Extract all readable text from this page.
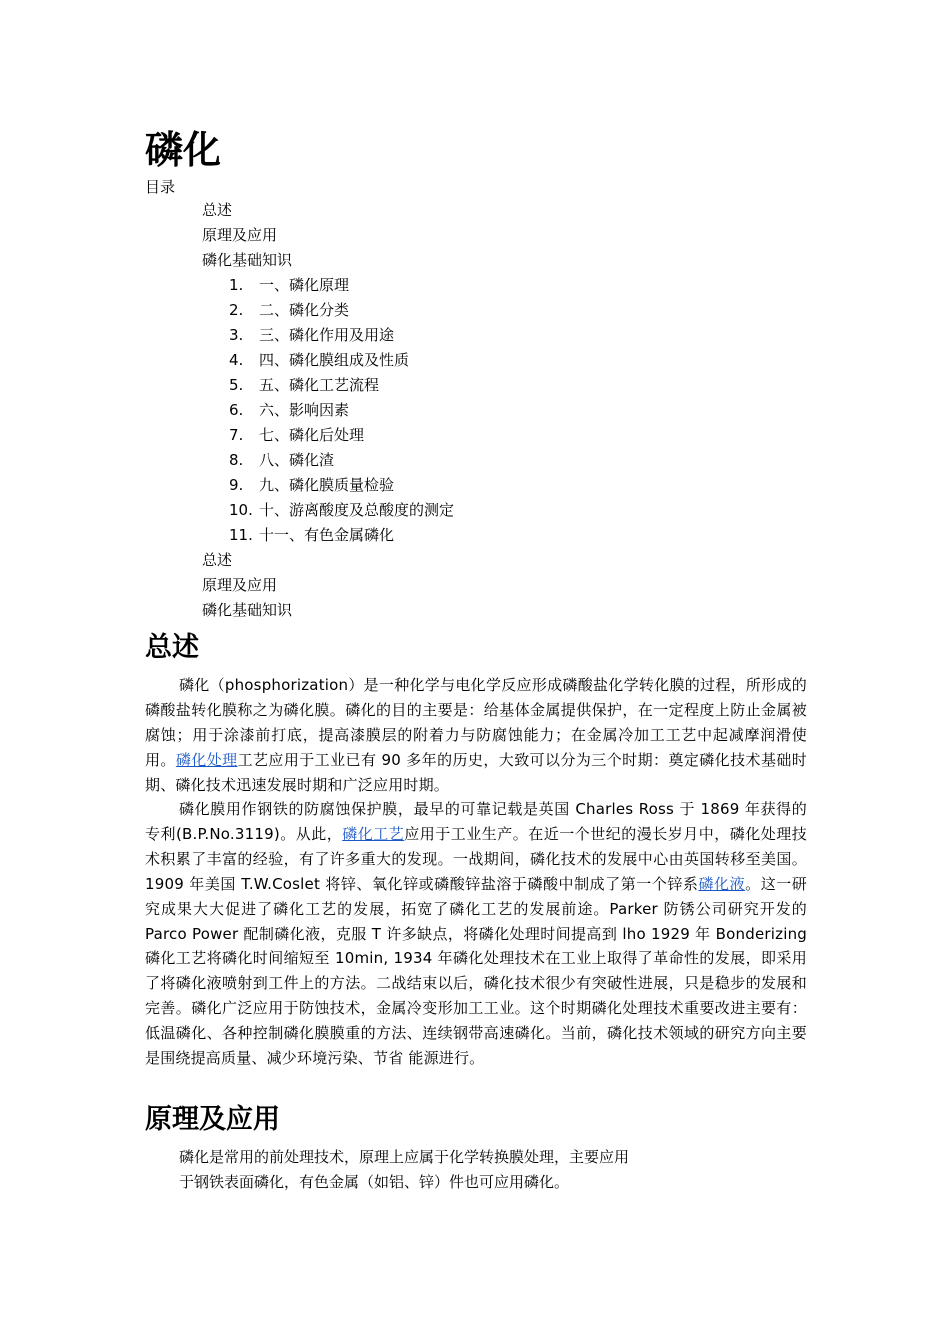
磷化
目录
总述
原理及应用
磷化基础知识
1. 一、磷化原理
2. 二、磷化分类
3. 三、磷化作用及用途
4. 四、磷化膜组成及性质
5. 五、磷化工艺流程
6. 六、影响因素
7. 七、磷化后处理
8. 八、磷化渣
9. 九、磷化膜质量检验
10. 十、游离酸度及总酸度的测定
11. 十一、有色金属磷化
总述
原理及应用
磷化基础知识
总述

磷化（phosphorization）是一种化学与电化学反应形成磷酸盐化学转化膜的过程，所形成的磷酸盐转化膜称之为磷化膜。磷化的目的主要是：给基体金属提供保护，在一定程度上防止金属被腐蚀；用于涂漆前打底，提高漆膜层的附着力与防腐蚀能力；在金属冷加工工艺中起减摩润滑使用。磷化处理工艺应用于工业已有 90 多年的历史，大致可以分为三个时期：奠定磷化技术基础时期、磷化技术迅速发展时期和广泛应用时期。

磷化膜用作钢铁的防腐蚀保护膜，最早的可靠记载是英国 Charles Ross 于 1869 年获得的专利(B.P.No.3119)。从此，磷化工艺应用于工业生产。在近一个世纪的漫长岁月中，磷化处理技术积累了丰富的经验，有了许多重大的发现。一战期间，磷化技术的发展中心由英国转移至美国。1909 年美国 T.W.Coslet 将锌、氧化锌或磷酸锌盐溶于磷酸中制成了第一个锌系磷化液。这一研究成果大大促进了磷化工艺的发展，拓宽了磷化工艺的发展前途。Parker 防锈公司研究开发的 Parco Power 配制磷化液，克服 T 许多缺点，将磷化处理时间提高到 lho 1929 年 Bonderizing 磷化工艺将磷化时间缩短至 10min, 1934 年磷化处理技术在工业上取得了革命性的发展，即采用了将磷化液喷射到工件上的方法。二战结束以后，磷化技术很少有突破性进展，只是稳步的发展和完善。磷化广泛应用于防蚀技术，金属冷变形加工工业。这个时期磷化处理技术重要改进主要有：低温磷化、各种控制磷化膜膜重的方法、连续钢带高速磷化。当前，磷化技术领域的研究方向主要是围绕提高质量、减少环境污染、节省 能源进行。

原理及应用

磷化是常用的前处理技术，原理上应属于化学转换膜处理，主要应用
于钢铁表面磷化，有色金属（如铝、锌）件也可应用磷化。
